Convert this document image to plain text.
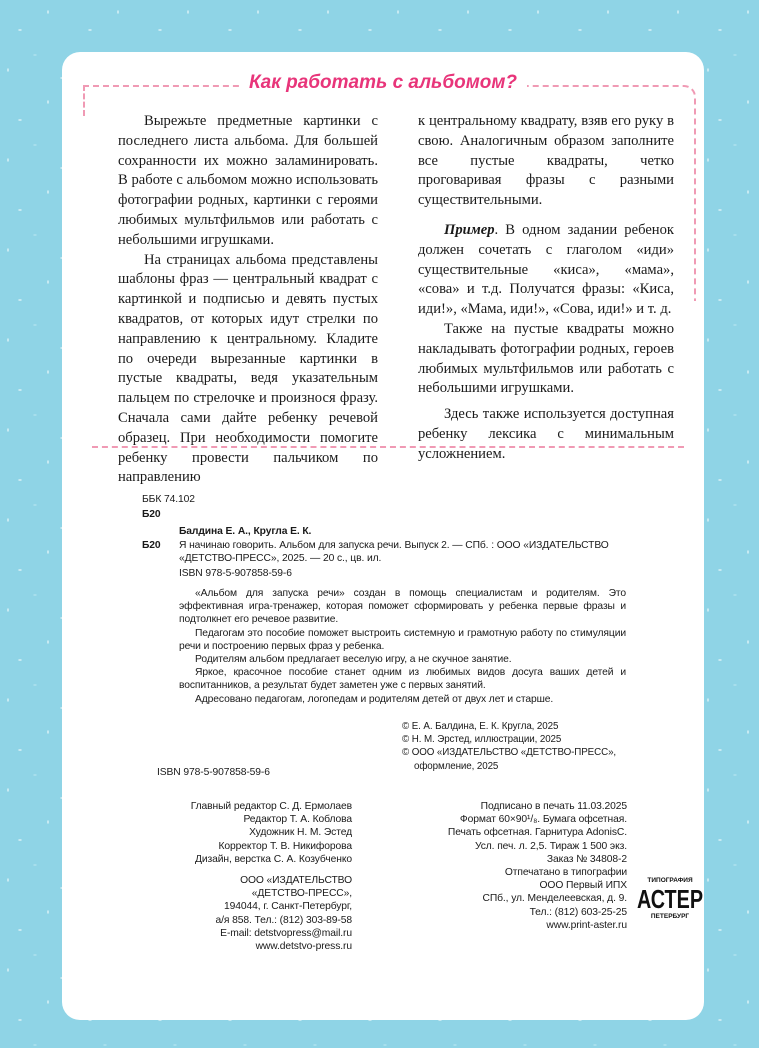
Как работать с альбомом?

Вырежьте предметные картинки с последнего листа альбома. Для большей сохранности их можно заламинировать. В работе с альбомом можно использовать фотографии родных, картинки с героями любимых мультфильмов или работать с небольшими игрушками.

На страницах альбома представлены шаблоны фраз — центральный квадрат с картинкой и подписью и девять пустых квадратов, от которых идут стрелки по направлению к центральному. Кладите по очереди вырезанные картинки в пустые квадраты, ведя указательным пальцем по стрелочке и произнося фразу. Сначала сами дайте ребенку речевой образец. При необходимости помогите ребенку провести пальчиком по направлению

к центральному квадрату, взяв его руку в свою. Аналогичным образом заполните все пустые квадраты, четко проговаривая фразы с разными существительными.

Пример. В одном задании ребенок должен сочетать с глаголом «иди» существительные «киса», «мама», «сова» и т.д. Получатся фразы: «Киса, иди!», «Мама, иди!», «Сова, иди!» и т. д.

Также на пустые квадраты можно накладывать фотографии родных, героев любимых мультфильмов или работать с небольшими игрушками.

Здесь также используется доступная ребенку лексика с минимальным усложнением.

ББК 74.102
Б20
Балдина Е. А., Кругла Е. К.
Б20 Я начинаю говорить. Альбом для запуска речи. Выпуск 2. — СПб. : ООО «ИЗДАТЕЛЬСТВО «ДЕТСТВО-ПРЕСС», 2025. — 20 с., цв. ил.
ISBN 978-5-907858-59-6

«Альбом для запуска речи» создан в помощь специалистам и родителям. Это эффективная игра-тренажер, которая поможет сформировать у ребенка первые фразы и подтолкнет его речевое развитие.

Педагогам это пособие поможет выстроить системную и грамотную работу по стимуляции речи и построению первых фраз у ребенка.

Родителям альбом предлагает веселую игру, а не скучное занятие.

Яркое, красочное пособие станет одним из любимых видов досуга ваших детей и воспитанников, а результат будет заметен уже с первых занятий.

Адресовано педагогам, логопедам и родителям детей от двух лет и старше.

© Е. А. Балдина, Е. К. Кругла, 2025

© Н. М. Эрстед, иллюстрации, 2025

© ООО «ИЗДАТЕЛЬСТВО «ДЕТСТВО-ПРЕСС»,

оформление, 2025

ISBN 978-5-907858-59-6

Главный редактор С. Д. Ермолаев

Редактор Т. А. Коблова

Художник Н. М. Эстед

Корректор Т. В. Никифорова

Дизайн, верстка С. А. Козубченко

ООО «ИЗДАТЕЛЬСТВО

«ДЕТСТВО-ПРЕСС»,

194044, г. Санкт-Петербург,

а/я 858. Тел.: (812) 303-89-58

E-mail: detstvopress@mail.ru

www.detstvo-press.ru

Подписано в печать 11.03.2025

Формат 60×90¹/₈. Бумага офсетная.

Печать офсетная. Гарнитура AdonisC.

Усл. печ. л. 2,5. Тираж 1 500 экз.

Заказ № 34808-2

Отпечатано в типографии

ООО Первый ИПХ

СПб., ул. Менделеевская, д. 9.

Тел.: (812) 603-25-25

www.print-aster.ru

ТИПОГРАФИЯ
АСТЕР
ПЕТЕРБУРГ
